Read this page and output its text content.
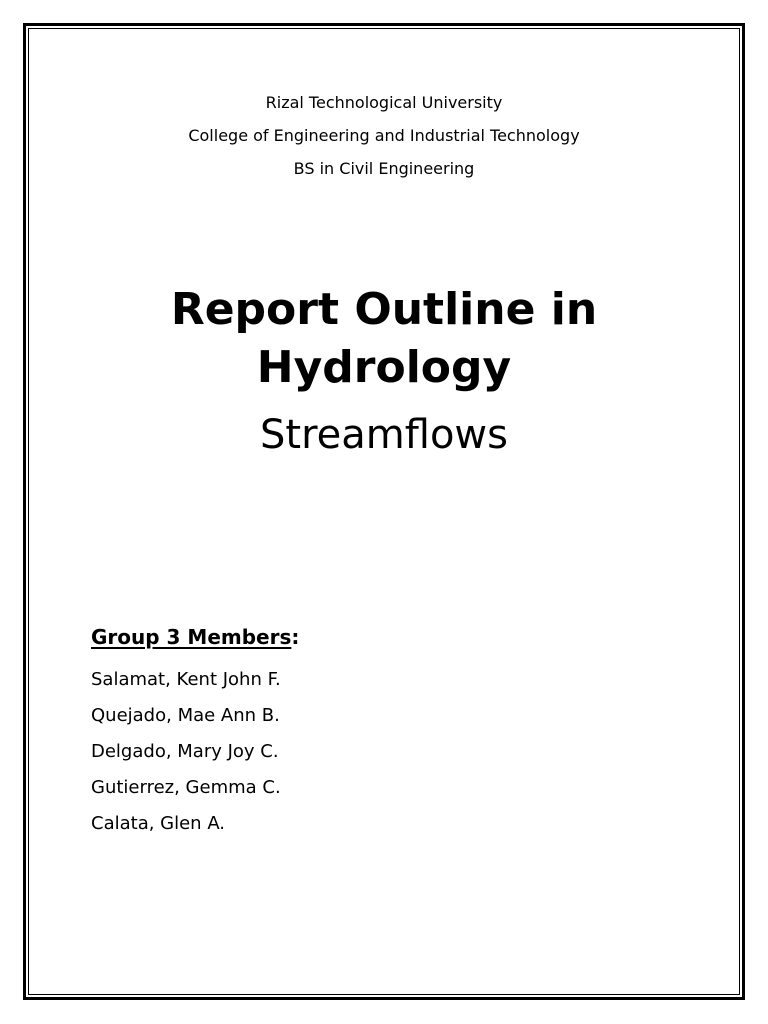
Rizal Technological University
College of Engineering and Industrial Technology
BS in Civil Engineering
Report Outline in
Hydrology
Streamflows
Group 3 Members:
Salamat, Kent John F.
Quejado, Mae Ann B.
Delgado, Mary Joy C.
Gutierrez, Gemma C.
Calata, Glen A.
